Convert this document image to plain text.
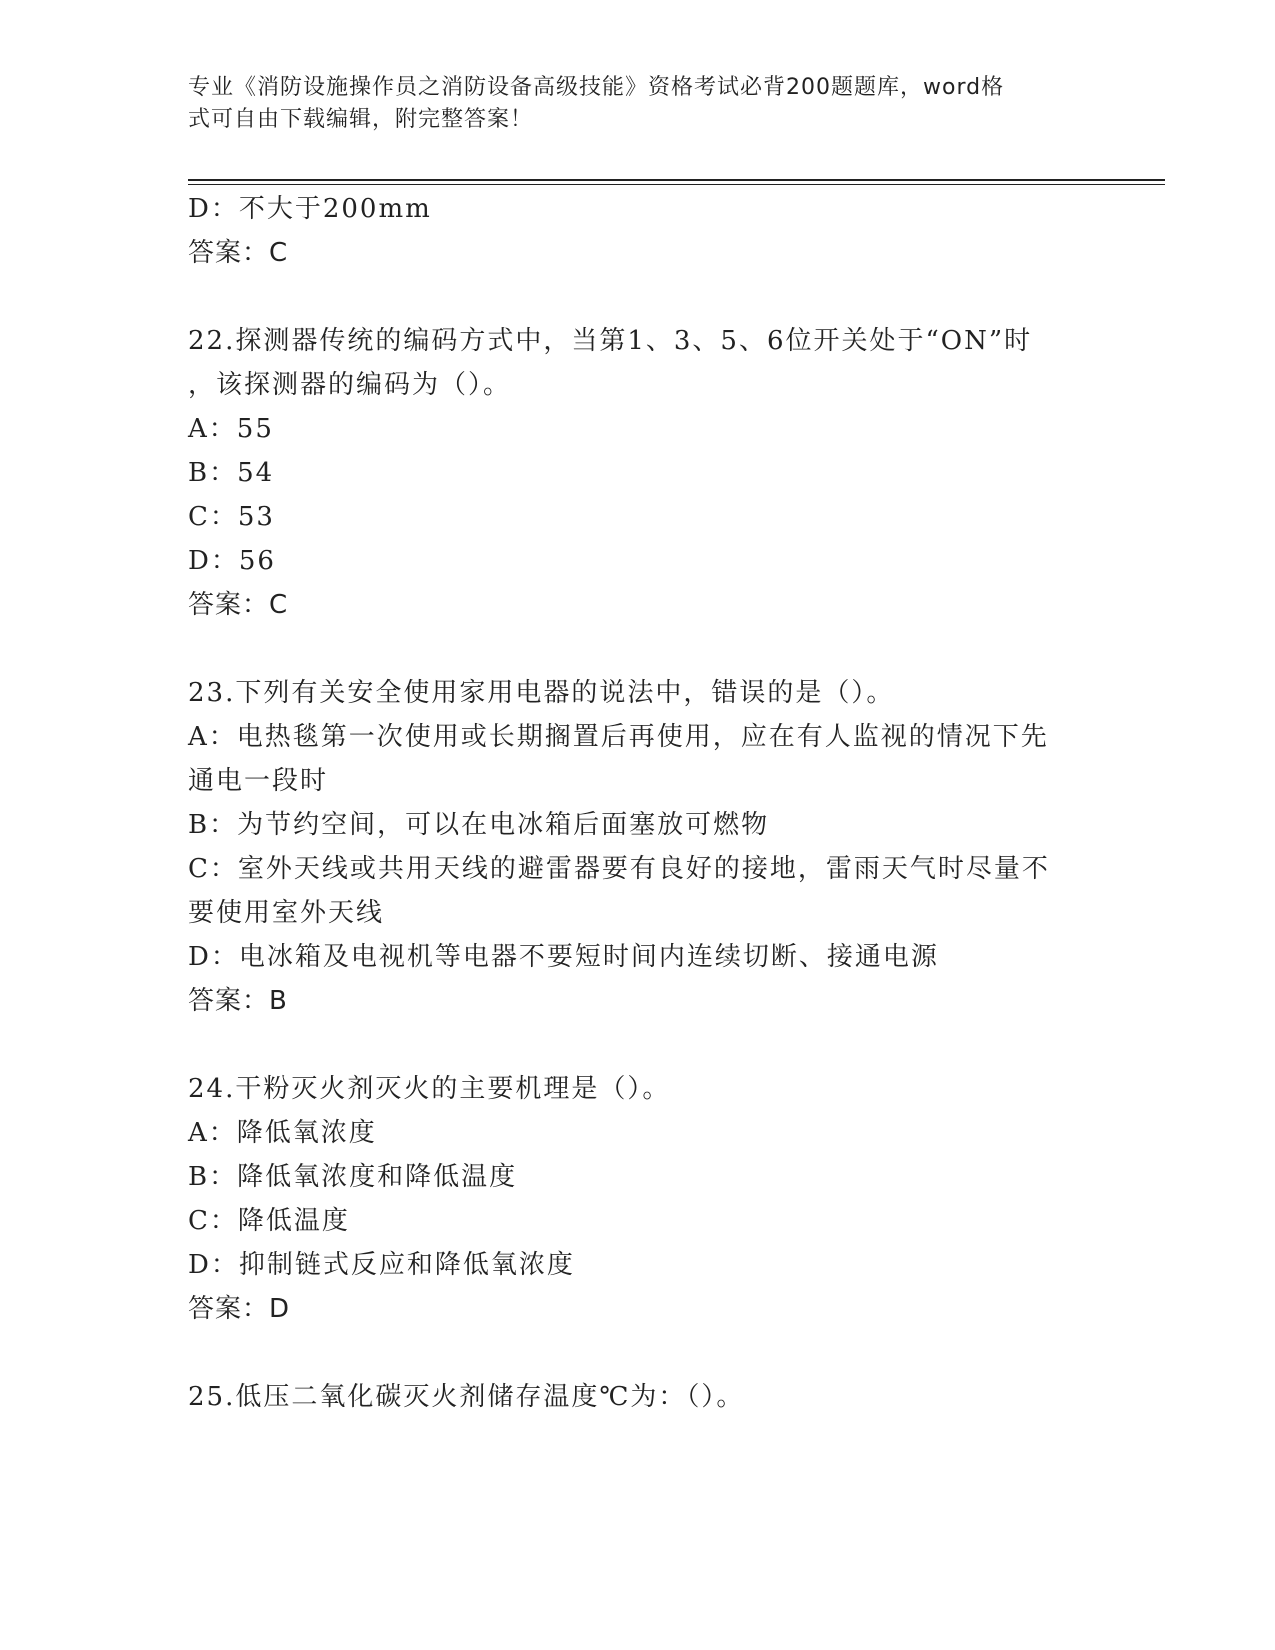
专业《消防设施操作员之消防设备高级技能》资格考试必背200题题库，word格
式可自由下载编辑，附完整答案！
D：不大于200mm
答案：C
22.探测器传统的编码方式中，当第1、3、5、6位开关处于“ON”时
，该探测器的编码为（）。
A：55
B：54
C：53
D：56
答案：C
23.下列有关安全使用家用电器的说法中，错误的是（）。
A：电热毯第一次使用或长期搁置后再使用，应在有人监视的情况下先
通电一段时
B：为节约空间，可以在电冰箱后面塞放可燃物
C：室外天线或共用天线的避雷器要有良好的接地，雷雨天气时尽量不
要使用室外天线
D：电冰箱及电视机等电器不要短时间内连续切断、接通电源
答案：B
24.干粉灭火剂灭火的主要机理是（）。
A：降低氧浓度
B：降低氧浓度和降低温度
C：降低温度
D：抑制链式反应和降低氧浓度
答案：D
25.低压二氧化碳灭火剂储存温度℃为：（）。
